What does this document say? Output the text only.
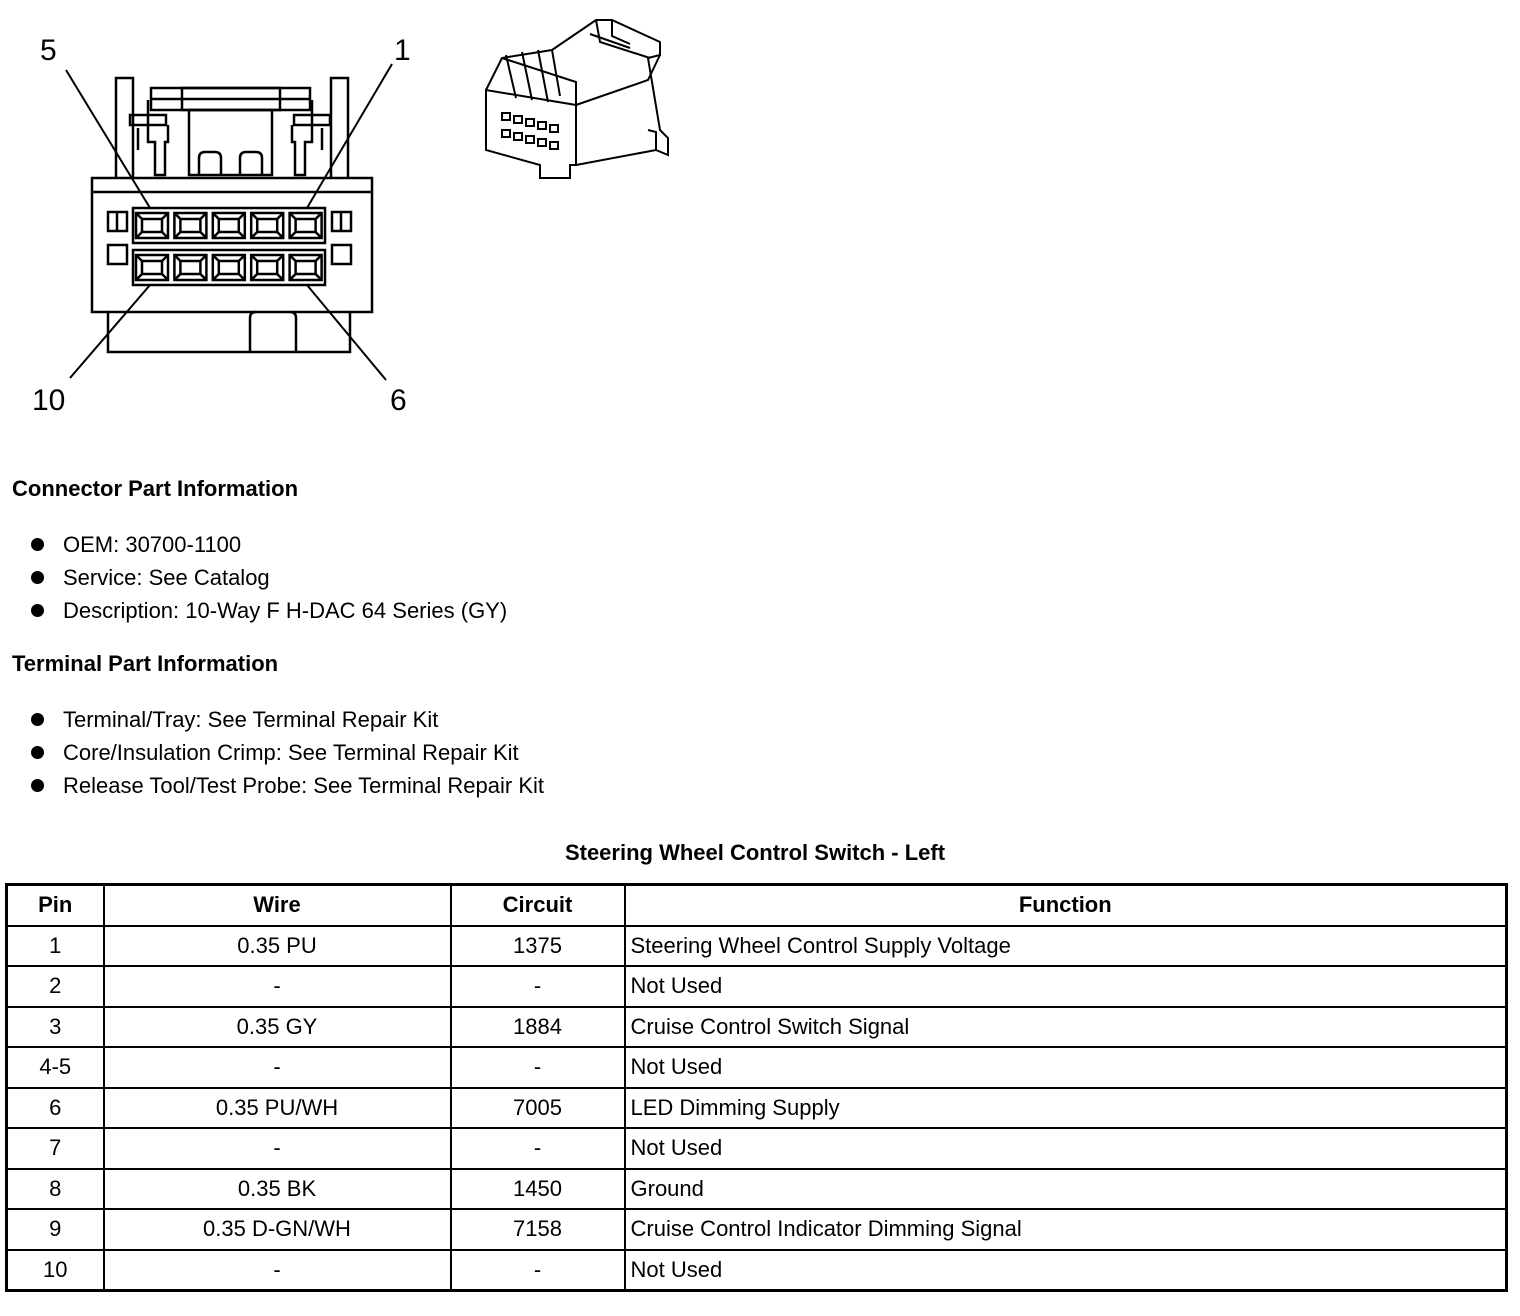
5	1
10	6
Connector Part Information
OEM: 30700-1100
Service: See Catalog
Description: 10-Way F H-DAC 64 Series (GY)
Terminal Part Information
Terminal/Tray: See Terminal Repair Kit
Core/Insulation Crimp: See Terminal Repair Kit
Release Tool/Test Probe: See Terminal Repair Kit
Steering Wheel Control Switch - Left
Pin	Wire	Circuit	Function
1	0.35 PU	1375	Steering Wheel Control Supply Voltage
2	-	-	Not Used
3	0.35 GY	1884	Cruise Control Switch Signal
4-5	-	-	Not Used
6	0.35 PU/WH	7005	LED Dimming Supply
7	-	-	Not Used
8	0.35 BK	1450	Ground
9	0.35 D-GN/WH	7158	Cruise Control Indicator Dimming Signal
10	-	-	Not Used
